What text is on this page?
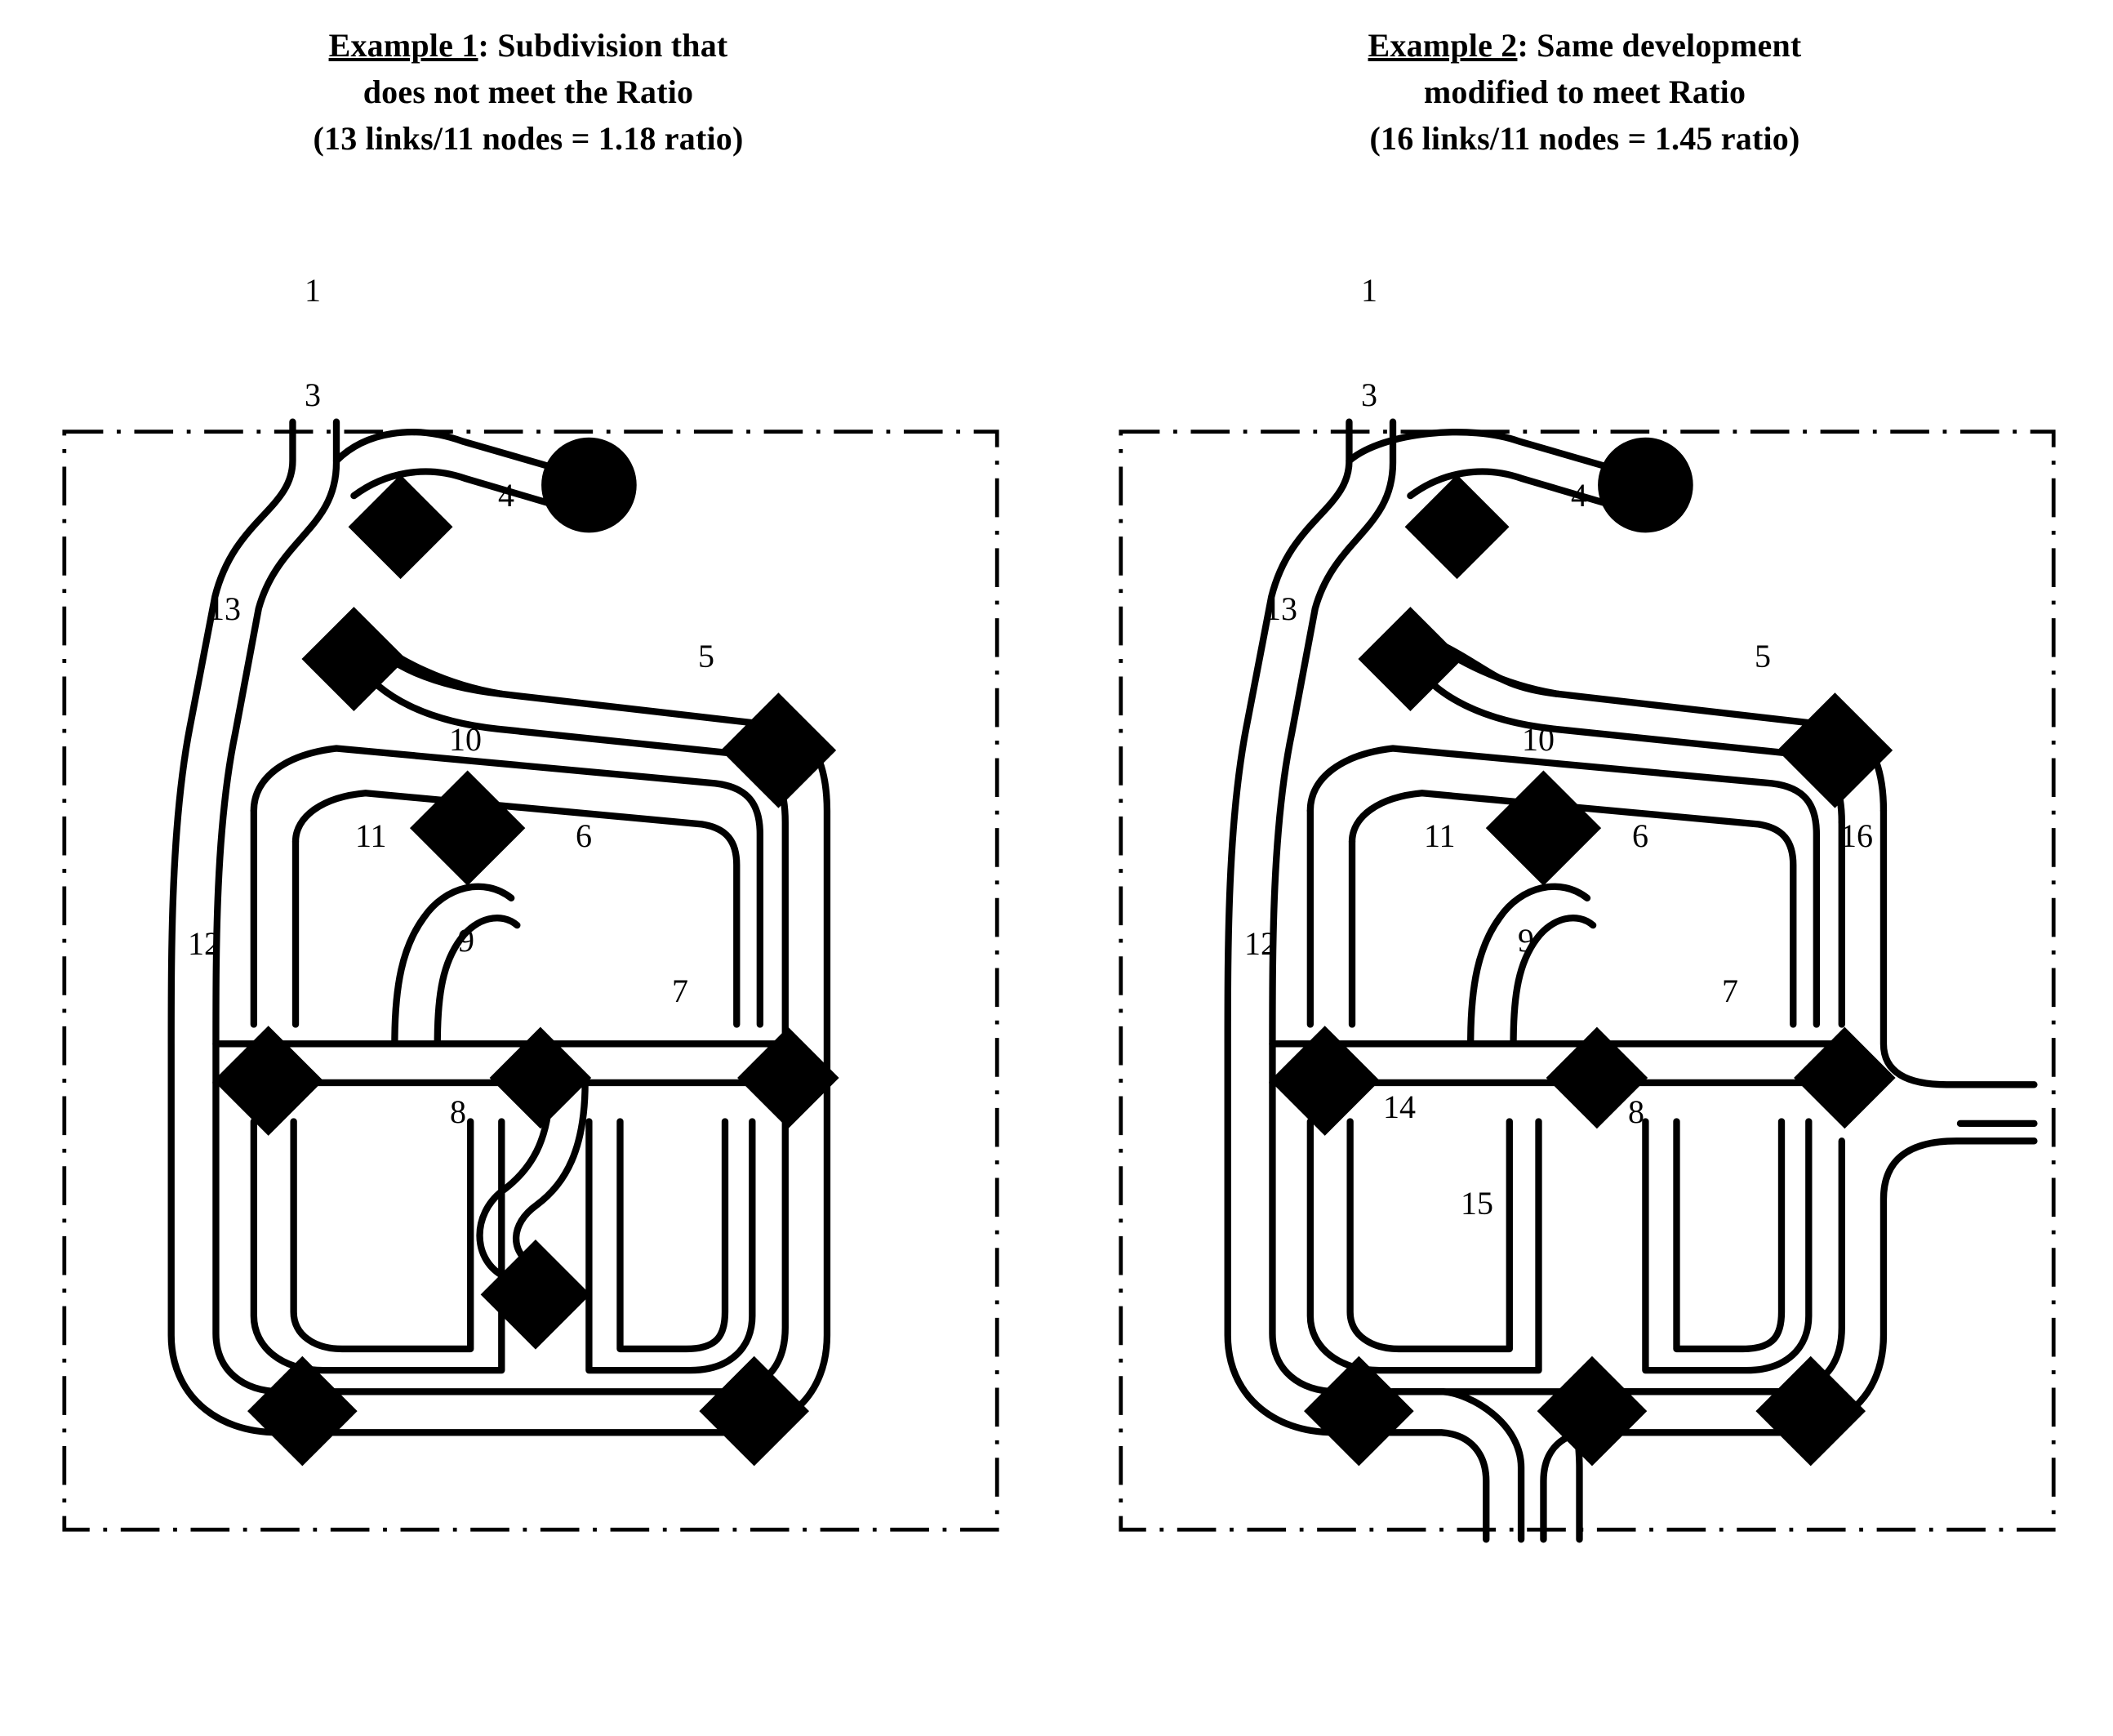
Example 1: Subdivision that
does not meet the Ratio
(13 links/11 nodes = 1.18 ratio)
1
3
4
13
5
10
11	6
12	9
7
8
Example 2: Same development
modified to meet Ratio
(16 links/11 nodes = 1.45 ratio)
1
3
4
13
5
10
11	6	16
12	9
7
14	8
15
